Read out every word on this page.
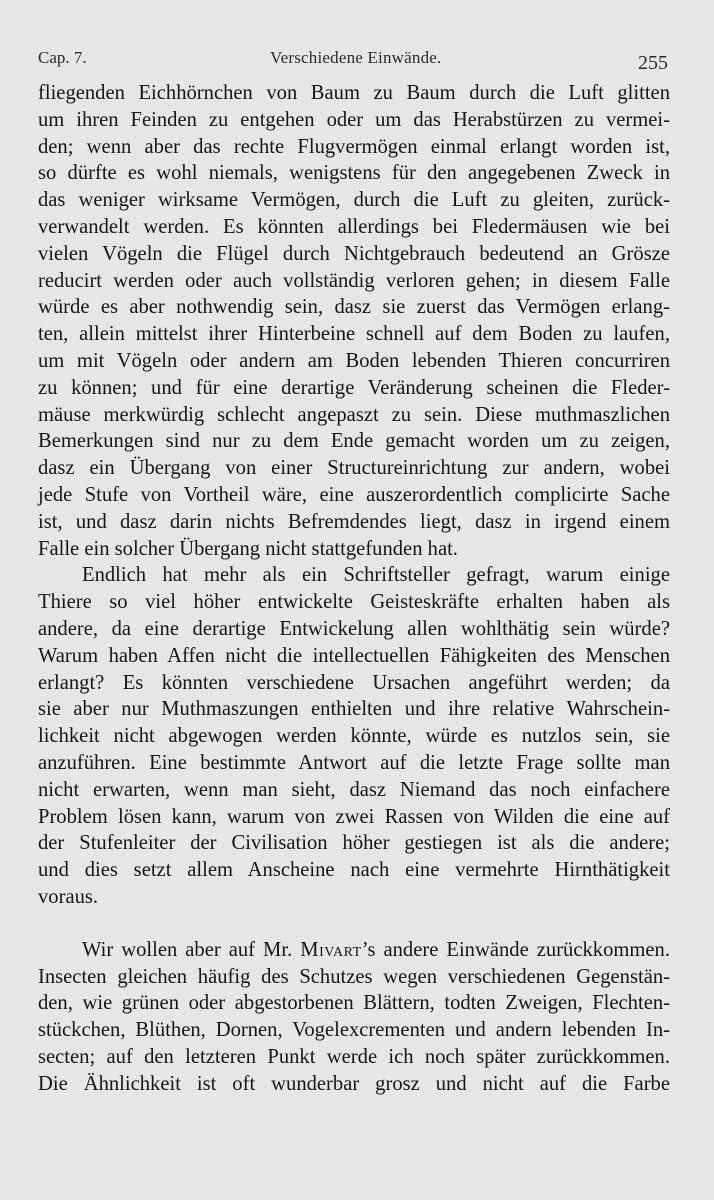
Cap. 7.	Verschiedene Einwände.	255
fliegenden Eichhörnchen von Baum zu Baum durch die Luft glitten
um ihren Feinden zu entgehen oder um das Herabstürzen zu vermei-
den; wenn aber das rechte Flugvermögen einmal erlangt worden ist,
so dürfte es wohl niemals, wenigstens für den angegebenen Zweck in
das weniger wirksame Vermögen, durch die Luft zu gleiten, zurück-
verwandelt werden. Es könnten allerdings bei Fledermäusen wie bei
vielen Vögeln die Flügel durch Nichtgebrauch bedeutend an Grösze
reducirt werden oder auch vollständig verloren gehen; in diesem Falle
würde es aber nothwendig sein, dasz sie zuerst das Vermögen erlang-
ten, allein mittelst ihrer Hinterbeine schnell auf dem Boden zu laufen,
um mit Vögeln oder andern am Boden lebenden Thieren concurriren
zu können; und für eine derartige Veränderung scheinen die Fleder-
mäuse merkwürdig schlecht angepaszt zu sein. Diese muthmaszlichen
Bemerkungen sind nur zu dem Ende gemacht worden um zu zeigen,
dasz ein Übergang von einer Structureinrichtung zur andern, wobei
jede Stufe von Vortheil wäre, eine auszerordentlich complicirte Sache
ist, und dasz darin nichts Befremdendes liegt, dasz in irgend einem
Falle ein solcher Übergang nicht stattgefunden hat.
Endlich hat mehr als ein Schriftsteller gefragt, warum einige
Thiere so viel höher entwickelte Geisteskräfte erhalten haben als
andere, da eine derartige Entwickelung allen wohlthätig sein würde?
Warum haben Affen nicht die intellectuellen Fähigkeiten des Menschen
erlangt? Es könnten verschiedene Ursachen angeführt werden; da
sie aber nur Muthmaszungen enthielten und ihre relative Wahrschein-
lichkeit nicht abgewogen werden könnte, würde es nutzlos sein, sie
anzuführen. Eine bestimmte Antwort auf die letzte Frage sollte man
nicht erwarten, wenn man sieht, dasz Niemand das noch einfachere
Problem lösen kann, warum von zwei Rassen von Wilden die eine auf
der Stufenleiter der Civilisation höher gestiegen ist als die andere;
und dies setzt allem Anscheine nach eine vermehrte Hirnthätigkeit
voraus.
Wir wollen aber auf Mr. Mivart’s andere Einwände zurückkommen.
Insecten gleichen häufig des Schutzes wegen verschiedenen Gegenstän-
den, wie grünen oder abgestorbenen Blättern, todten Zweigen, Flechten-
stückchen, Blüthen, Dornen, Vogelexcrementen und andern lebenden In-
secten; auf den letzteren Punkt werde ich noch später zurückkommen.
Die Ähnlichkeit ist oft wunderbar grosz und nicht auf die Farbe
